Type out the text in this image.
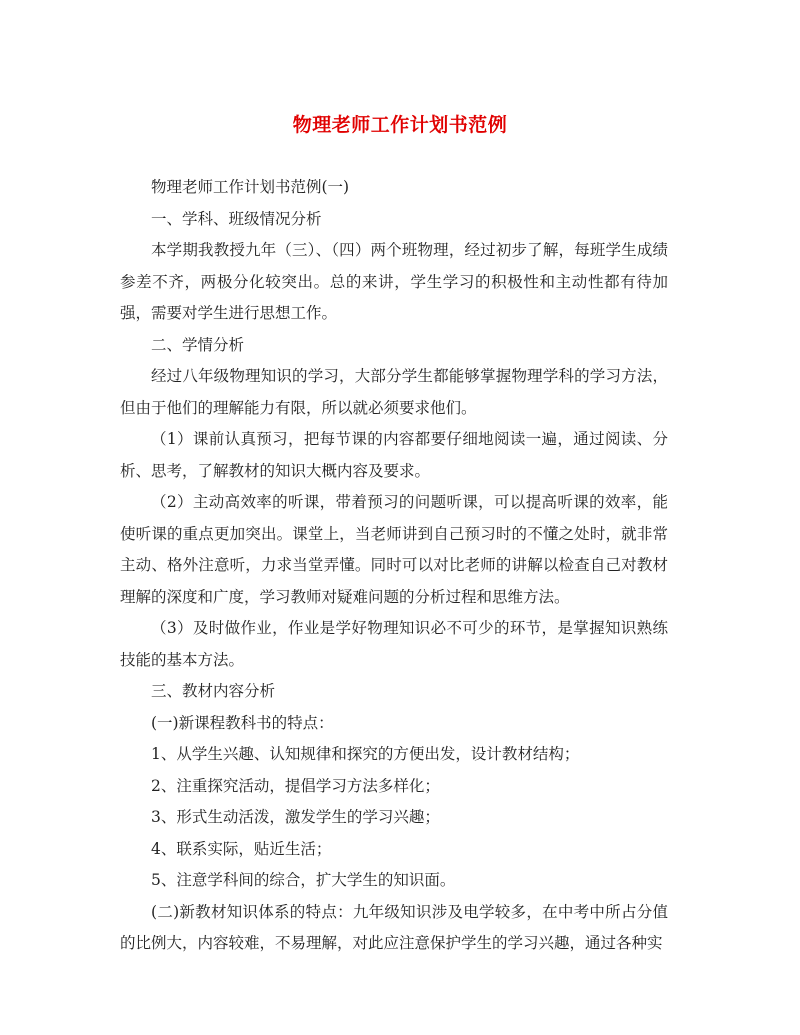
物理老师工作计划书范例

物理老师工作计划书范例(一)

一、学科、班级情况分析

本学期我教授九年（三）、（四）两个班物理，经过初步了解，每班学生成绩参差不齐，两极分化较突出。总的来讲，学生学习的积极性和主动性都有待加强，需要对学生进行思想工作。

二、学情分析

经过八年级物理知识的学习，大部分学生都能够掌握物理学科的学习方法，但由于他们的理解能力有限，所以就必须要求他们。

（1）课前认真预习，把每节课的内容都要仔细地阅读一遍，通过阅读、分析、思考，了解教材的知识大概内容及要求。

（2）主动高效率的听课，带着预习的问题听课，可以提高听课的效率，能使听课的重点更加突出。课堂上，当老师讲到自己预习时的不懂之处时，就非常主动、格外注意听，力求当堂弄懂。同时可以对比老师的讲解以检查自己对教材理解的深度和广度，学习教师对疑难问题的分析过程和思维方法。

（3）及时做作业，作业是学好物理知识必不可少的环节，是掌握知识熟练技能的基本方法。

三、教材内容分析

(一)新课程教科书的特点：

1、从学生兴趣、认知规律和探究的方便出发，设计教材结构；

2、注重探究活动，提倡学习方法多样化；

3、形式生动活泼，激发学生的学习兴趣；

4、联系实际，贴近生活；

5、注意学科间的综合，扩大学生的知识面。

(二)新教材知识体系的特点：九年级知识涉及电学较多，在中考中所占分值的比例大，内容较难，不易理解，对此应注意保护学生的学习兴趣，通过各种实
